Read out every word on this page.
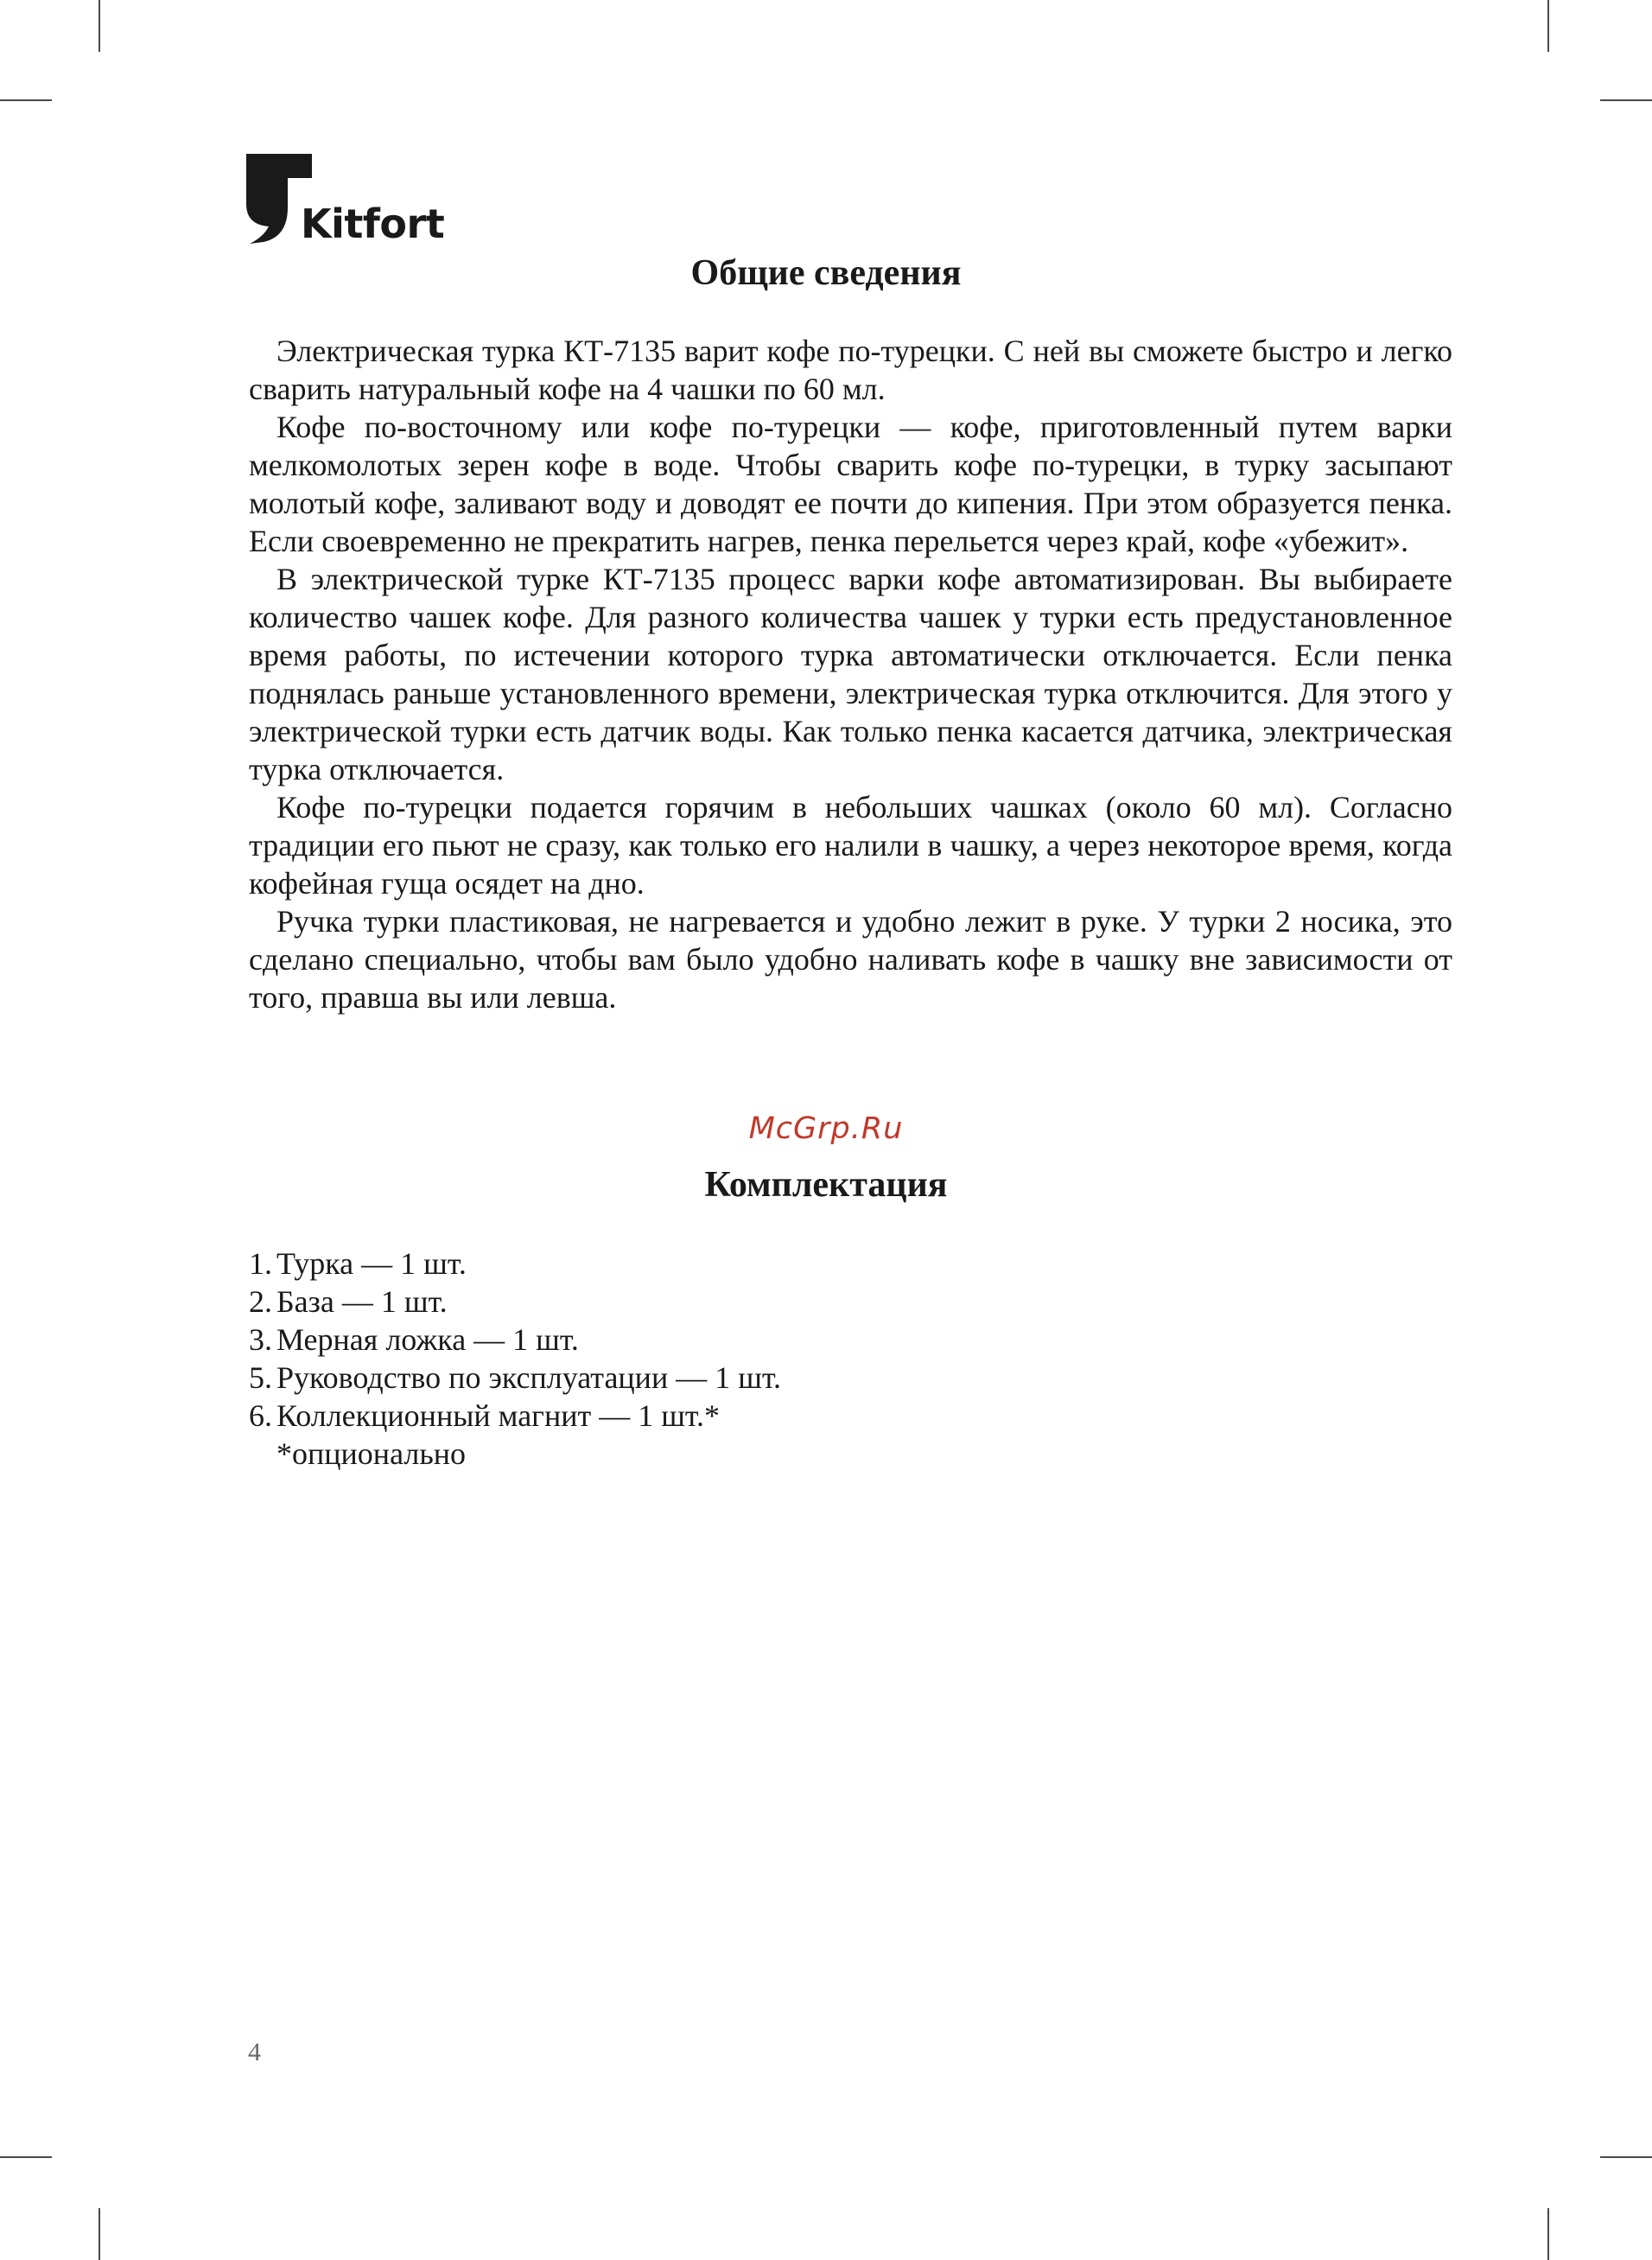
Kitfort
Общие сведения

Электрическая турка КТ-7135 варит кофе по-турецки. С ней вы сможете быстро и легко сварить натуральный кофе на 4 чашки по 60 мл.

Кофе по-восточному или кофе по-турецки — кофе, приготовленный путем варки мелкомолотых зерен кофе в воде. Чтобы сварить кофе по-турецки, в турку засыпают молотый кофе, заливают воду и доводят ее почти до кипения. При этом образуется пенка. Если своевременно не прекратить нагрев, пенка перельется через край, кофе «убежит».

В электрической турке КТ-7135 процесс варки кофе автоматизирован. Вы выбираете количество чашек кофе. Для разного количества чашек у турки есть предустановленное время работы, по истечении которого турка автоматически отключается. Если пенка поднялась раньше установленного времени, электрическая турка отключится. Для этого у электрической турки есть датчик воды. Как только пенка касается датчика, электрическая турка отключается.

Кофе по-турецки подается горячим в небольших чашках (около 60 мл). Согласно традиции его пьют не сразу, как только его налили в чашку, а через некоторое время, когда кофейная гуща осядет на дно.

Ручка турки пластиковая, не нагревается и удобно лежит в руке. У турки 2 носика, это сделано специально, чтобы вам было удобно наливать кофе в чашку вне зависимости от того, правша вы или левша.

McGrp.Ru
Комплектация
1. Турка — 1 шт.
2. База — 1 шт.
3. Мерная ложка — 1 шт.
5. Руководство по эксплуатации — 1 шт.
6. Коллекционный магнит — 1 шт.*
*опционально
4
